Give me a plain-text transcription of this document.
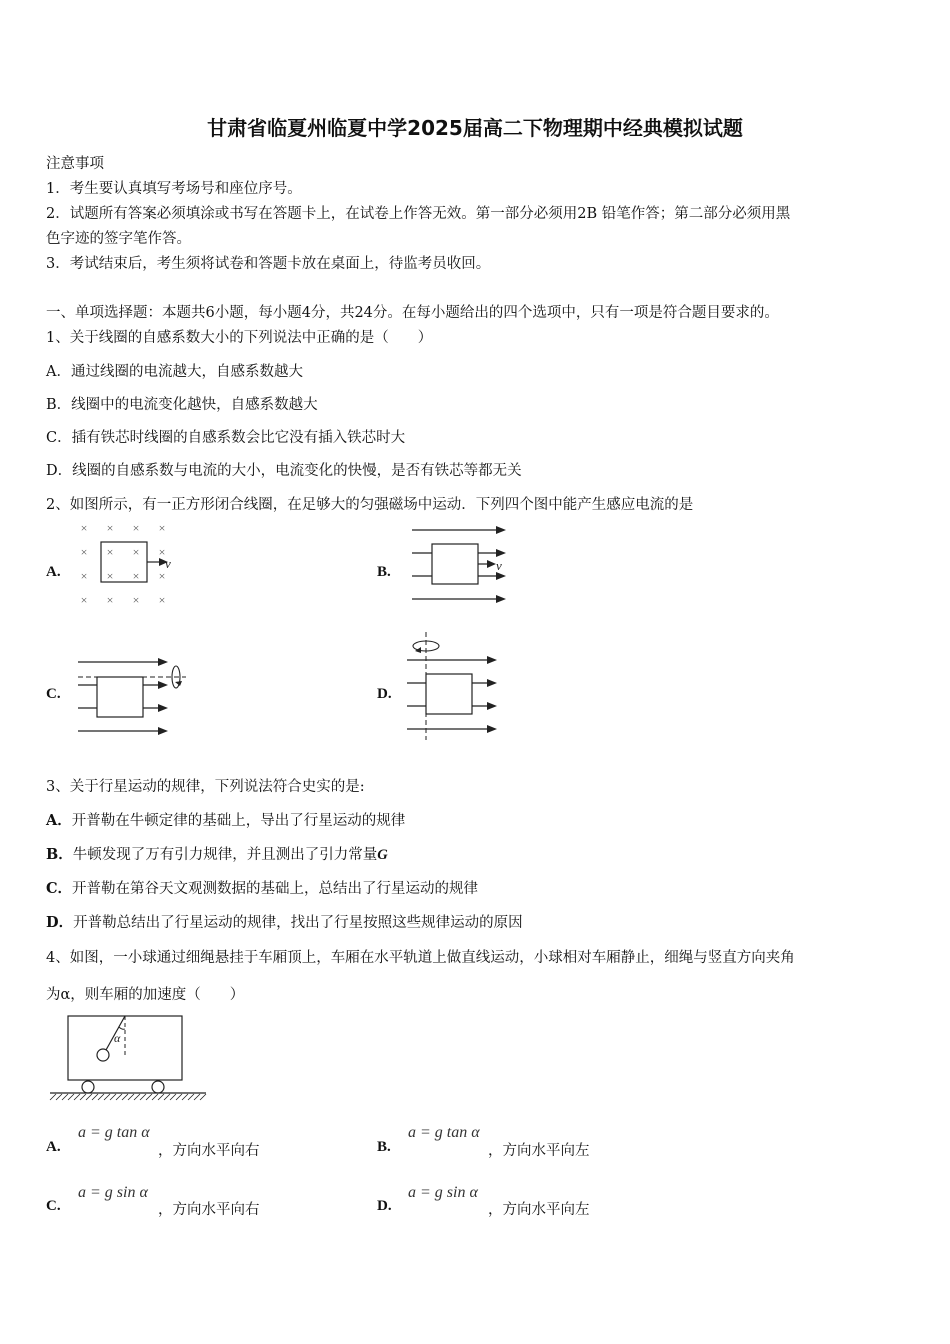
甘肃省临夏州临夏中学2025届高二下物理期中经典模拟试题
注意事项
1．考生要认真填写考场号和座位序号。
2．试题所有答案必须填涂或书写在答题卡上，在试卷上作答无效。第一部分必须用2B 铅笔作答；第二部分必须用黑
色字迹的签字笔作答。
3．考试结束后，考生须将试卷和答题卡放在桌面上，待监考员收回。
一、单项选择题：本题共6小题，每小题4分，共24分。在每小题给出的四个选项中，只有一项是符合题目要求的。
1、关于线圈的自感系数大小的下列说法中正确的是（　　）
A．通过线圈的电流越大，自感系数越大
B．线圈中的电流变化越快，自感系数越大
C．插有铁芯时线圈的自感系数会比它没有插入铁芯时大
D．线圈的自感系数与电流的大小，电流变化的快慢，是否有铁芯等都无关
2、如图所示，有一正方形闭合线圈，在足够大的匀强磁场中运动．下列四个图中能产生感应电流的是
A.
× × × ×
× × × ×
× × × ×
× × × ×
v
B.	v
C.	D.
3、关于行星运动的规律，下列说法符合史实的是:
A．开普勒在牛顿定律的基础上，导出了行星运动的规律
B．牛顿发现了万有引力规律，并且测出了引力常量G
C．开普勒在第谷天文观测数据的基础上，总结出了行星运动的规律
D．开普勒总结出了行星运动的规律，找出了行星按照这些规律运动的原因
4、如图，一小球通过细绳悬挂于车厢顶上，车厢在水平轨道上做直线运动，小球相对车厢静止，细绳与竖直方向夹角
为α，则车厢的加速度（　　）
α
A.
a = g tan α
，方向水平向右	B.
a = g tan α
，方向水平向左
C.
a = g sin α
，方向水平向右	D.
a = g sin α
，方向水平向左
